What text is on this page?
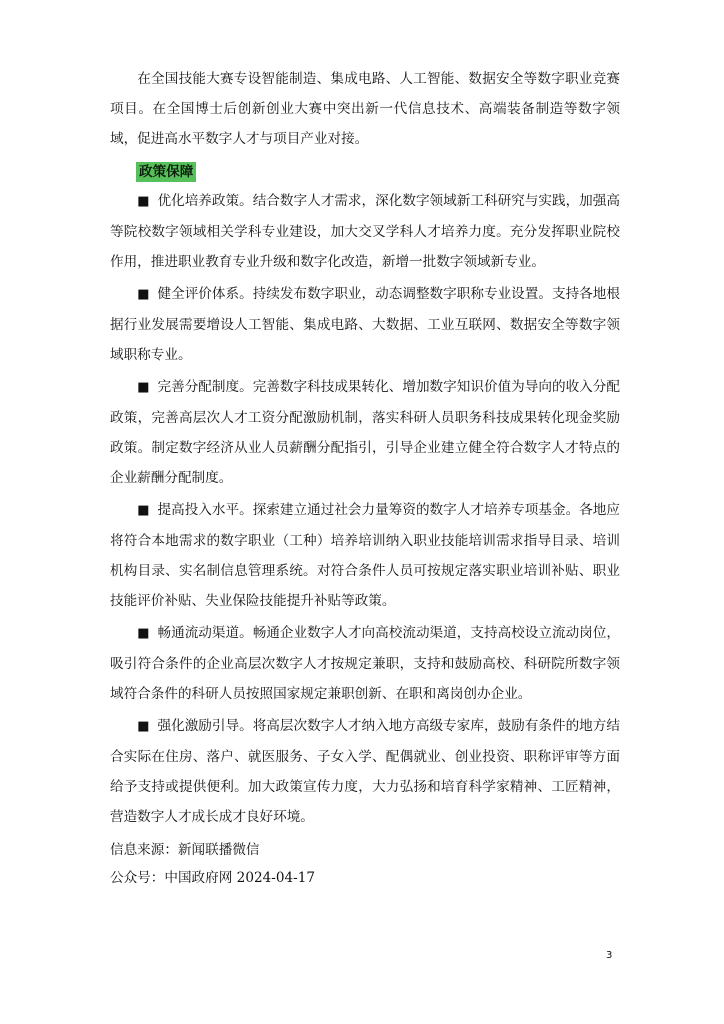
在全国技能大赛专设智能制造、集成电路、人工智能、数据安全等数字职业竞赛项目。在全国博士后创新创业大赛中突出新一代信息技术、高端装备制造等数字领域，促进高水平数字人才与项目产业对接。

政策保障

■ 优化培养政策。结合数字人才需求，深化数字领域新工科研究与实践，加强高等院校数字领域相关学科专业建设，加大交叉学科人才培养力度。充分发挥职业院校作用，推进职业教育专业升级和数字化改造，新增一批数字领域新专业。

■ 健全评价体系。持续发布数字职业，动态调整数字职称专业设置。支持各地根据行业发展需要增设人工智能、集成电路、大数据、工业互联网、数据安全等数字领域职称专业。

■ 完善分配制度。完善数字科技成果转化、增加数字知识价值为导向的收入分配政策，完善高层次人才工资分配激励机制，落实科研人员职务科技成果转化现金奖励政策。制定数字经济从业人员薪酬分配指引，引导企业建立健全符合数字人才特点的企业薪酬分配制度。

■ 提高投入水平。探索建立通过社会力量筹资的数字人才培养专项基金。各地应将符合本地需求的数字职业（工种）培养培训纳入职业技能培训需求指导目录、培训机构目录、实名制信息管理系统。对符合条件人员可按规定落实职业培训补贴、职业技能评价补贴、失业保险技能提升补贴等政策。

■ 畅通流动渠道。畅通企业数字人才向高校流动渠道，支持高校设立流动岗位，吸引符合条件的企业高层次数字人才按规定兼职，支持和鼓励高校、科研院所数字领域符合条件的科研人员按照国家规定兼职创新、在职和离岗创办企业。

■ 强化激励引导。将高层次数字人才纳入地方高级专家库，鼓励有条件的地方结合实际在住房、落户、就医服务、子女入学、配偶就业、创业投资、职称评审等方面给予支持或提供便利。加大政策宣传力度，大力弘扬和培育科学家精神、工匠精神，营造数字人才成长成才良好环境。

信息来源：新闻联播微信
公众号：中国政府网 2024-04-17
3
